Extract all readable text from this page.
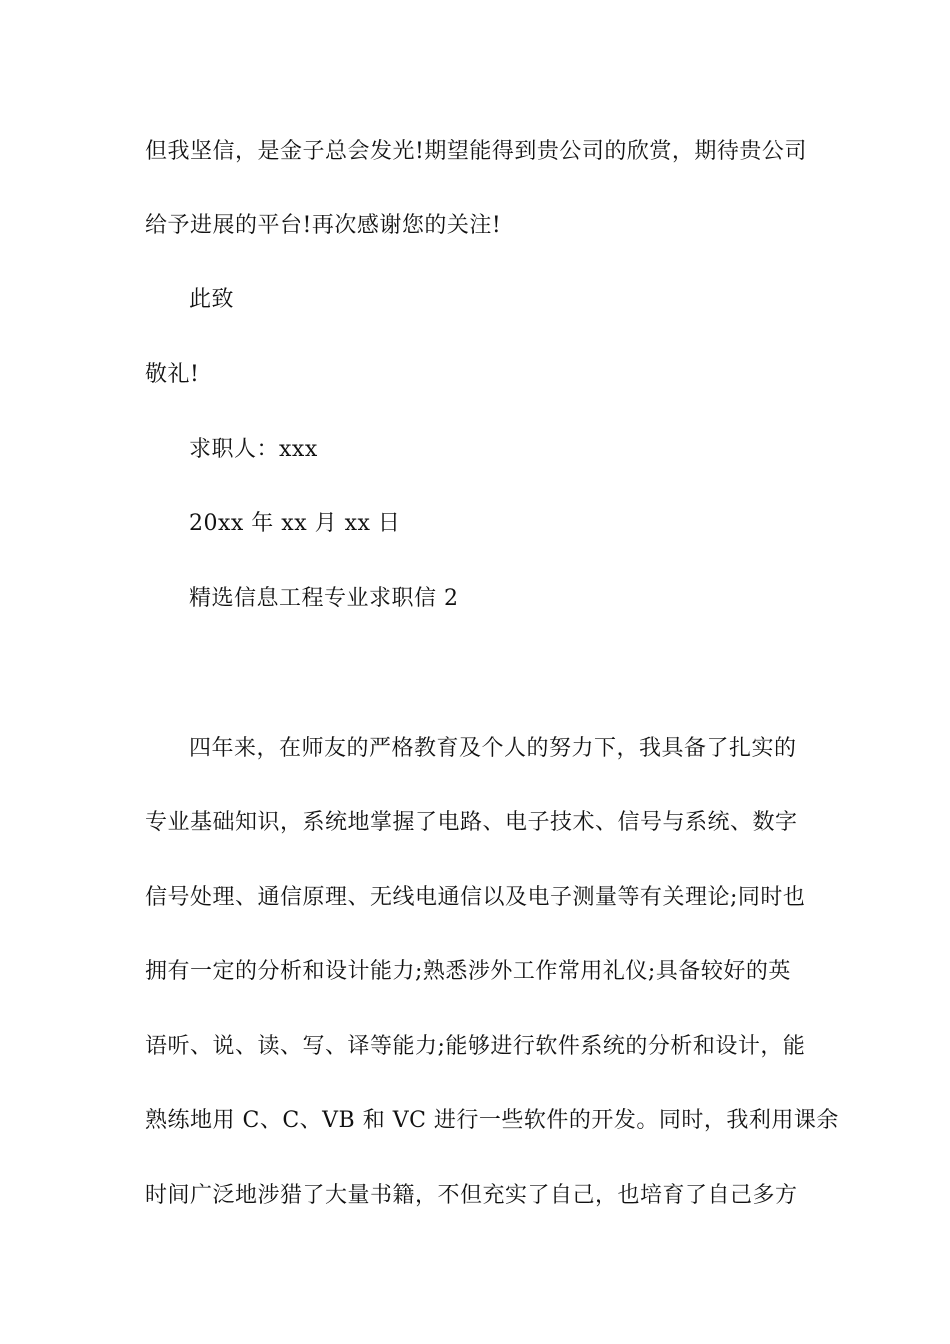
但我坚信，是金子总会发光!期望能得到贵公司的欣赏，期待贵公司
给予进展的平台!再次感谢您的关注!
此致
敬礼!
求职人：xxx
20xx 年 xx 月 xx 日
精选信息工程专业求职信 2
四年来，在师友的严格教育及个人的努力下，我具备了扎实的
专业基础知识，系统地掌握了电路、电子技术、信号与系统、数字
信号处理、通信原理、无线电通信以及电子测量等有关理论;同时也
拥有一定的分析和设计能力;熟悉涉外工作常用礼仪;具备较好的英
语听、说、读、写、译等能力;能够进行软件系统的分析和设计，能
熟练地用 C、C、VB 和 VC 进行一些软件的开发。同时，我利用课余
时间广泛地涉猎了大量书籍，不但充实了自己，也培育了自己多方
